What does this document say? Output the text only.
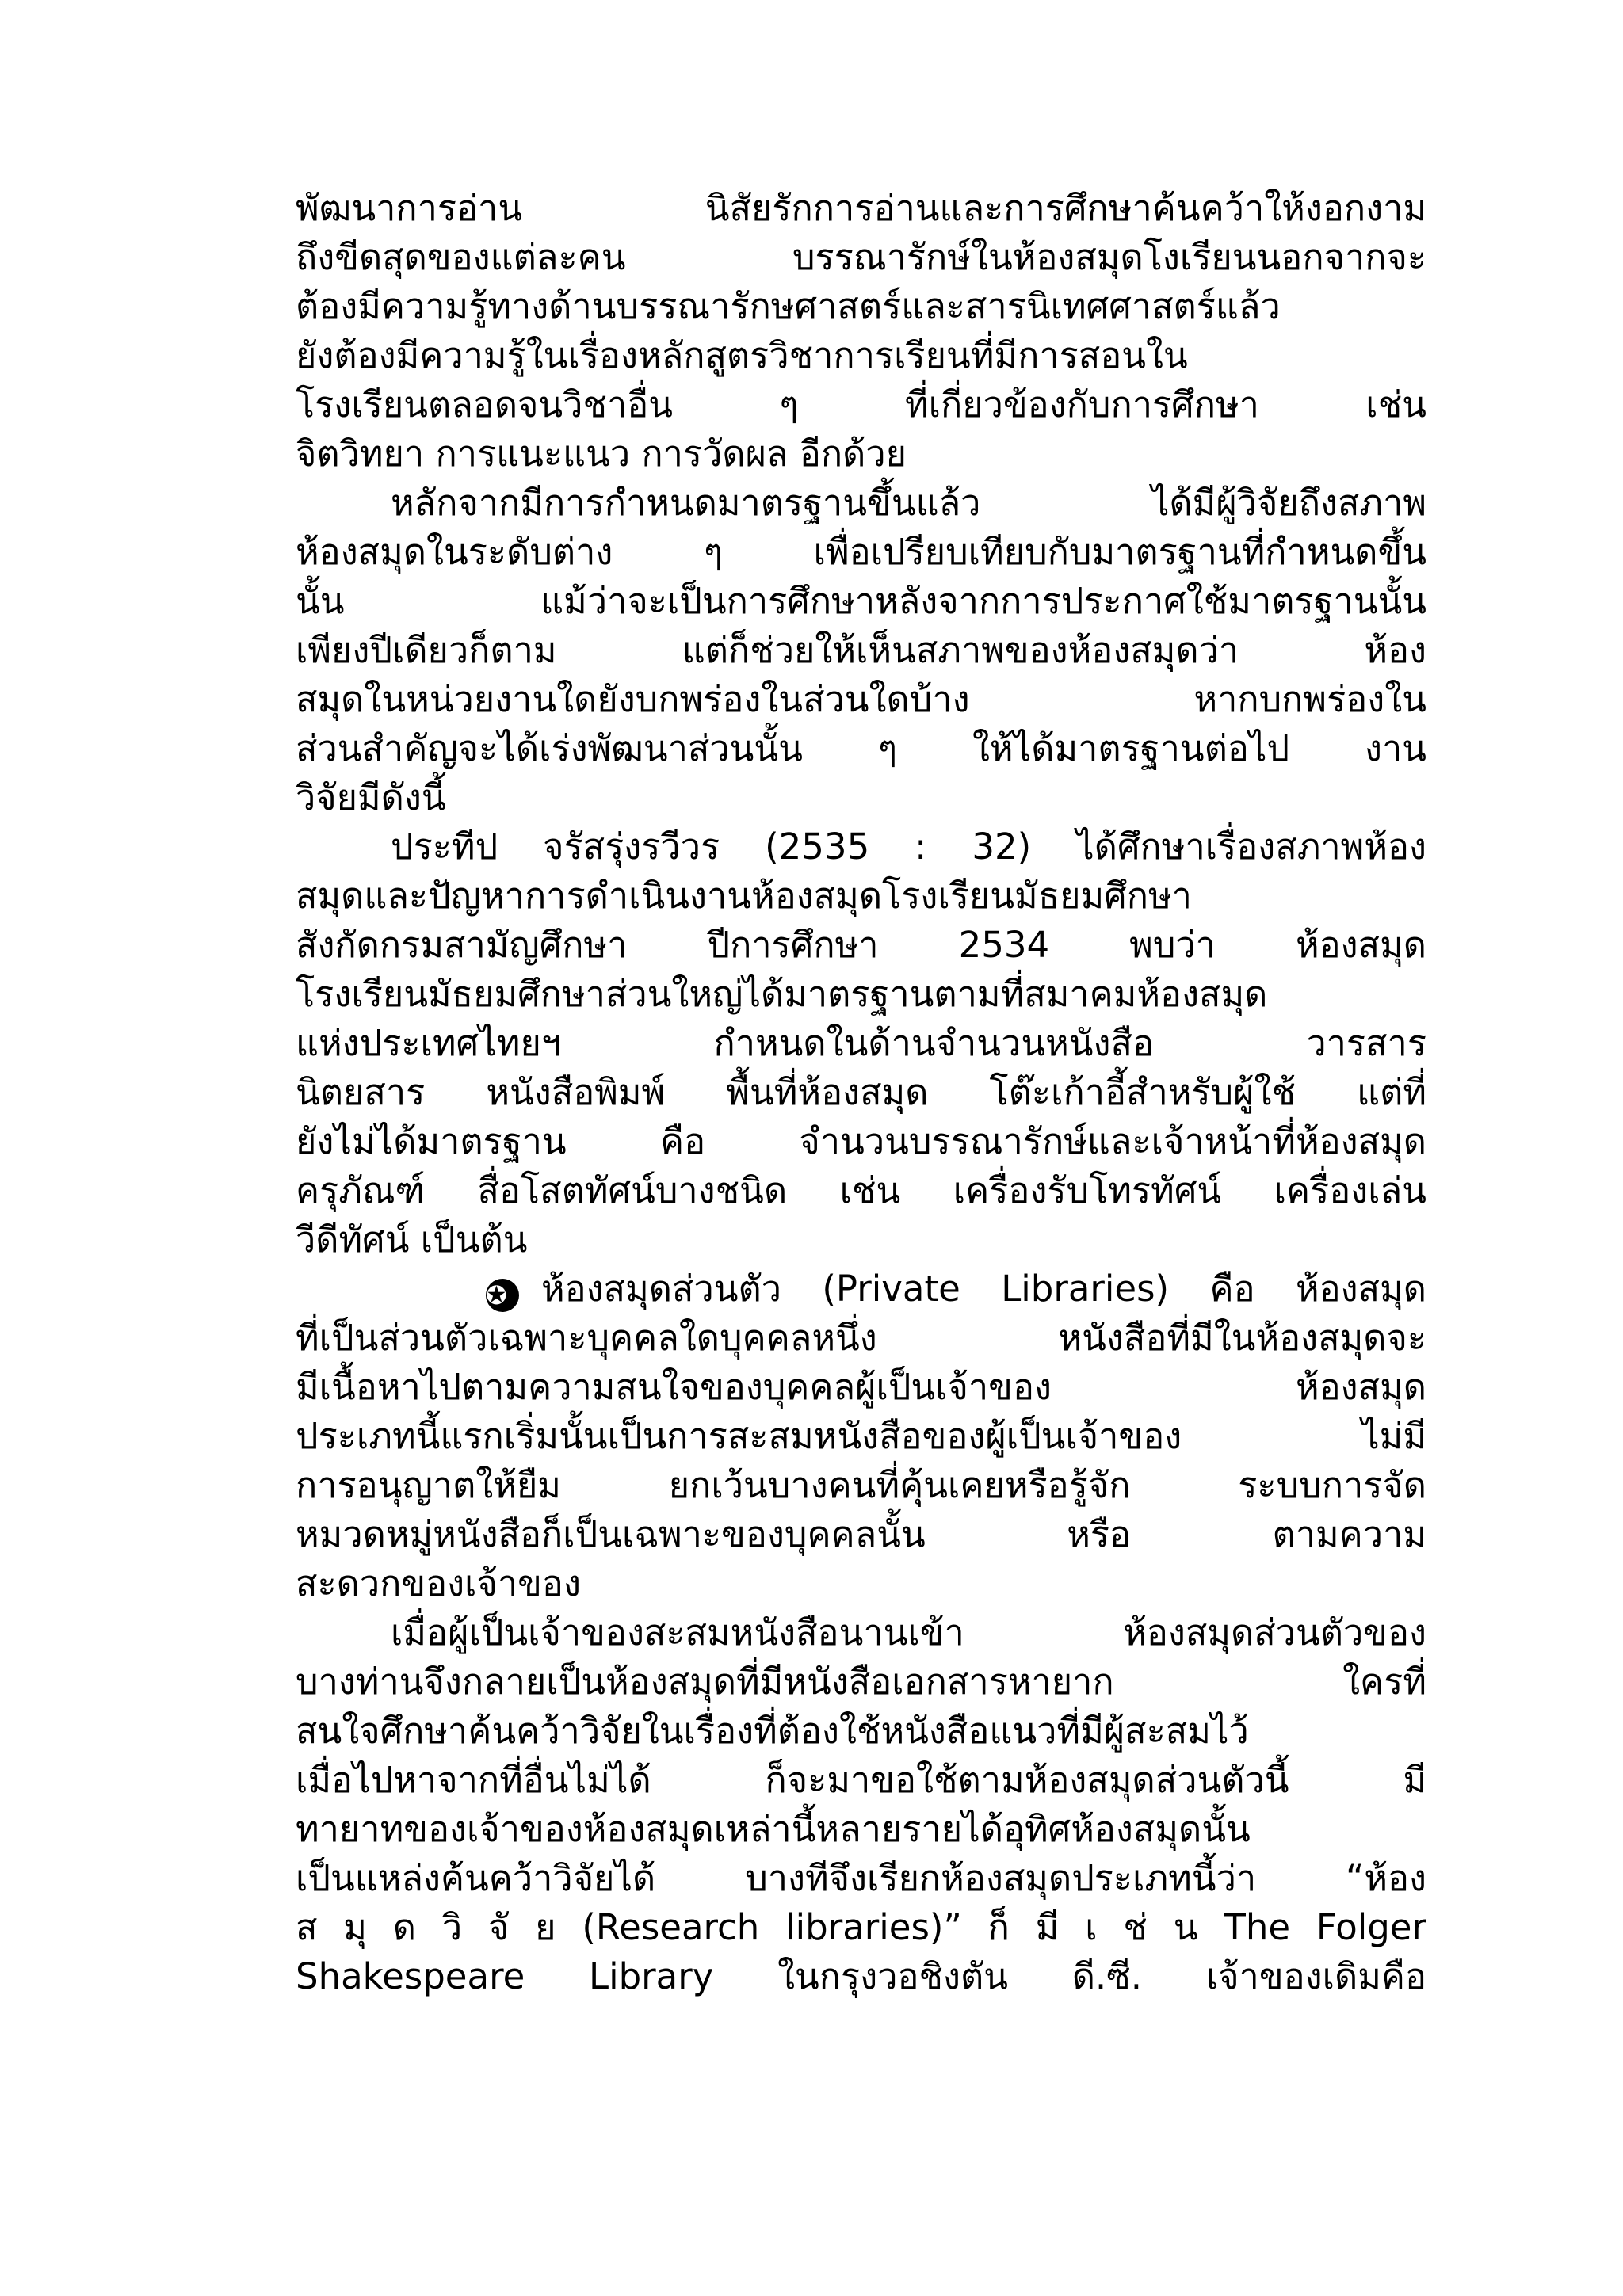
พัฒนาการอ่าน นิสัยรักการอ่านและการศึกษาค้นคว้าให้งอกงาม
ถึงขีดสุดของแต่ละคน บรรณารักษ์ในห้องสมุดโงเรียนนอกจากจะ
ต้องมีความรู้ทางด้านบรรณารักษศาสตร์และสารนิเทศศาสตร์แล้ว
ยังต้องมีความรู้ในเรื่องหลักสูตรวิชาการเรียนที่มีการสอนใน
โรงเรียนตลอดจนวิชาอื่น ๆ ที่เกี่ยวข้องกับการศึกษา เช่น
จิตวิทยา การแนะแนว การวัดผล อีกด้วย
หลักจากมีการกำหนดมาตรฐานขึ้นแล้ว ได้มีผู้วิจัยถึงสภาพ
ห้องสมุดในระดับต่าง ๆ เพื่อเปรียบเทียบกับมาตรฐานที่กำหนดขึ้น
นั้น แม้ว่าจะเป็นการศึกษาหลังจากการประกาศใช้มาตรฐานนั้น
เพียงปีเดียวก็ตาม แต่ก็ช่วยให้เห็นสภาพของห้องสมุดว่า ห้อง
สมุดในหน่วยงานใดยังบกพร่องในส่วนใดบ้าง หากบกพร่องใน
ส่วนสำคัญจะได้เร่งพัฒนาส่วนนั้น ๆ ให้ได้มาตรฐานต่อไป งาน
วิจัยมีดังนี้
ประทีป จรัสรุ่งรวีวร (2535 : 32) ได้ศึกษาเรื่องสภาพห้อง
สมุดและปัญหาการดำเนินงานห้องสมุดโรงเรียนมัธยมศึกษา
สังกัดกรมสามัญศึกษา ปีการศึกษา 2534 พบว่า ห้องสมุด
โรงเรียนมัธยมศึกษาส่วนใหญ่ได้มาตรฐานตามที่สมาคมห้องสมุด
แห่งประเทศไทยฯ กำหนดในด้านจำนวนหนังสือ วารสาร
นิตยสาร หนังสือพิมพ์ พื้นที่ห้องสมุด โต๊ะเก้าอี้สำหรับผู้ใช้ แต่ที่
ยังไม่ได้มาตรฐาน คือ จำนวนบรรณารักษ์และเจ้าหน้าที่ห้องสมุด
ครุภัณฑ์ สื่อโสตทัศน์บางชนิด เช่น เครื่องรับโทรทัศน์ เครื่องเล่น
วีดีทัศน์ เป็นต้น
✪ ห้องสมุดส่วนตัว (Private Libraries) คือ ห้องสมุด
ที่เป็นส่วนตัวเฉพาะบุคคลใดบุคคลหนึ่ง หนังสือที่มีในห้องสมุดจะ
มีเนื้อหาไปตามความสนใจของบุคคลผู้เป็นเจ้าของ ห้องสมุด
ประเภทนี้แรกเริ่มนั้นเป็นการสะสมหนังสือของผู้เป็นเจ้าของ ไม่มี
การอนุญาตให้ยืม ยกเว้นบางคนที่คุ้นเคยหรือรู้จัก ระบบการจัด
หมวดหมู่หนังสือก็เป็นเฉพาะของบุคคลนั้น หรือ ตามความ
สะดวกของเจ้าของ
เมื่อผู้เป็นเจ้าของสะสมหนังสือนานเข้า ห้องสมุดส่วนตัวของ
บางท่านจึงกลายเป็นห้องสมุดที่มีหนังสือเอกสารหายาก ใครที่
สนใจศึกษาค้นคว้าวิจัยในเรื่องที่ต้องใช้หนังสือแนวที่มีผู้สะสมไว้
เมื่อไปหาจากที่อื่นไม่ได้ ก็จะมาขอใช้ตามห้องสมุดส่วนตัวนี้ มี
ทายาทของเจ้าของห้องสมุดเหล่านี้หลายรายได้อุทิศห้องสมุดนั้น
เป็นแหล่งค้นคว้าวิจัยได้ บางทีจึงเรียกห้องสมุดประเภทนี้ว่า “ห้อง
ส มุ ด วิ จั ย (Research libraries)” ก็ มี เ ช่ น The Folger
Shakespeare Library ในกรุงวอชิงตัน ดี.ซี. เจ้าของเดิมคือ
